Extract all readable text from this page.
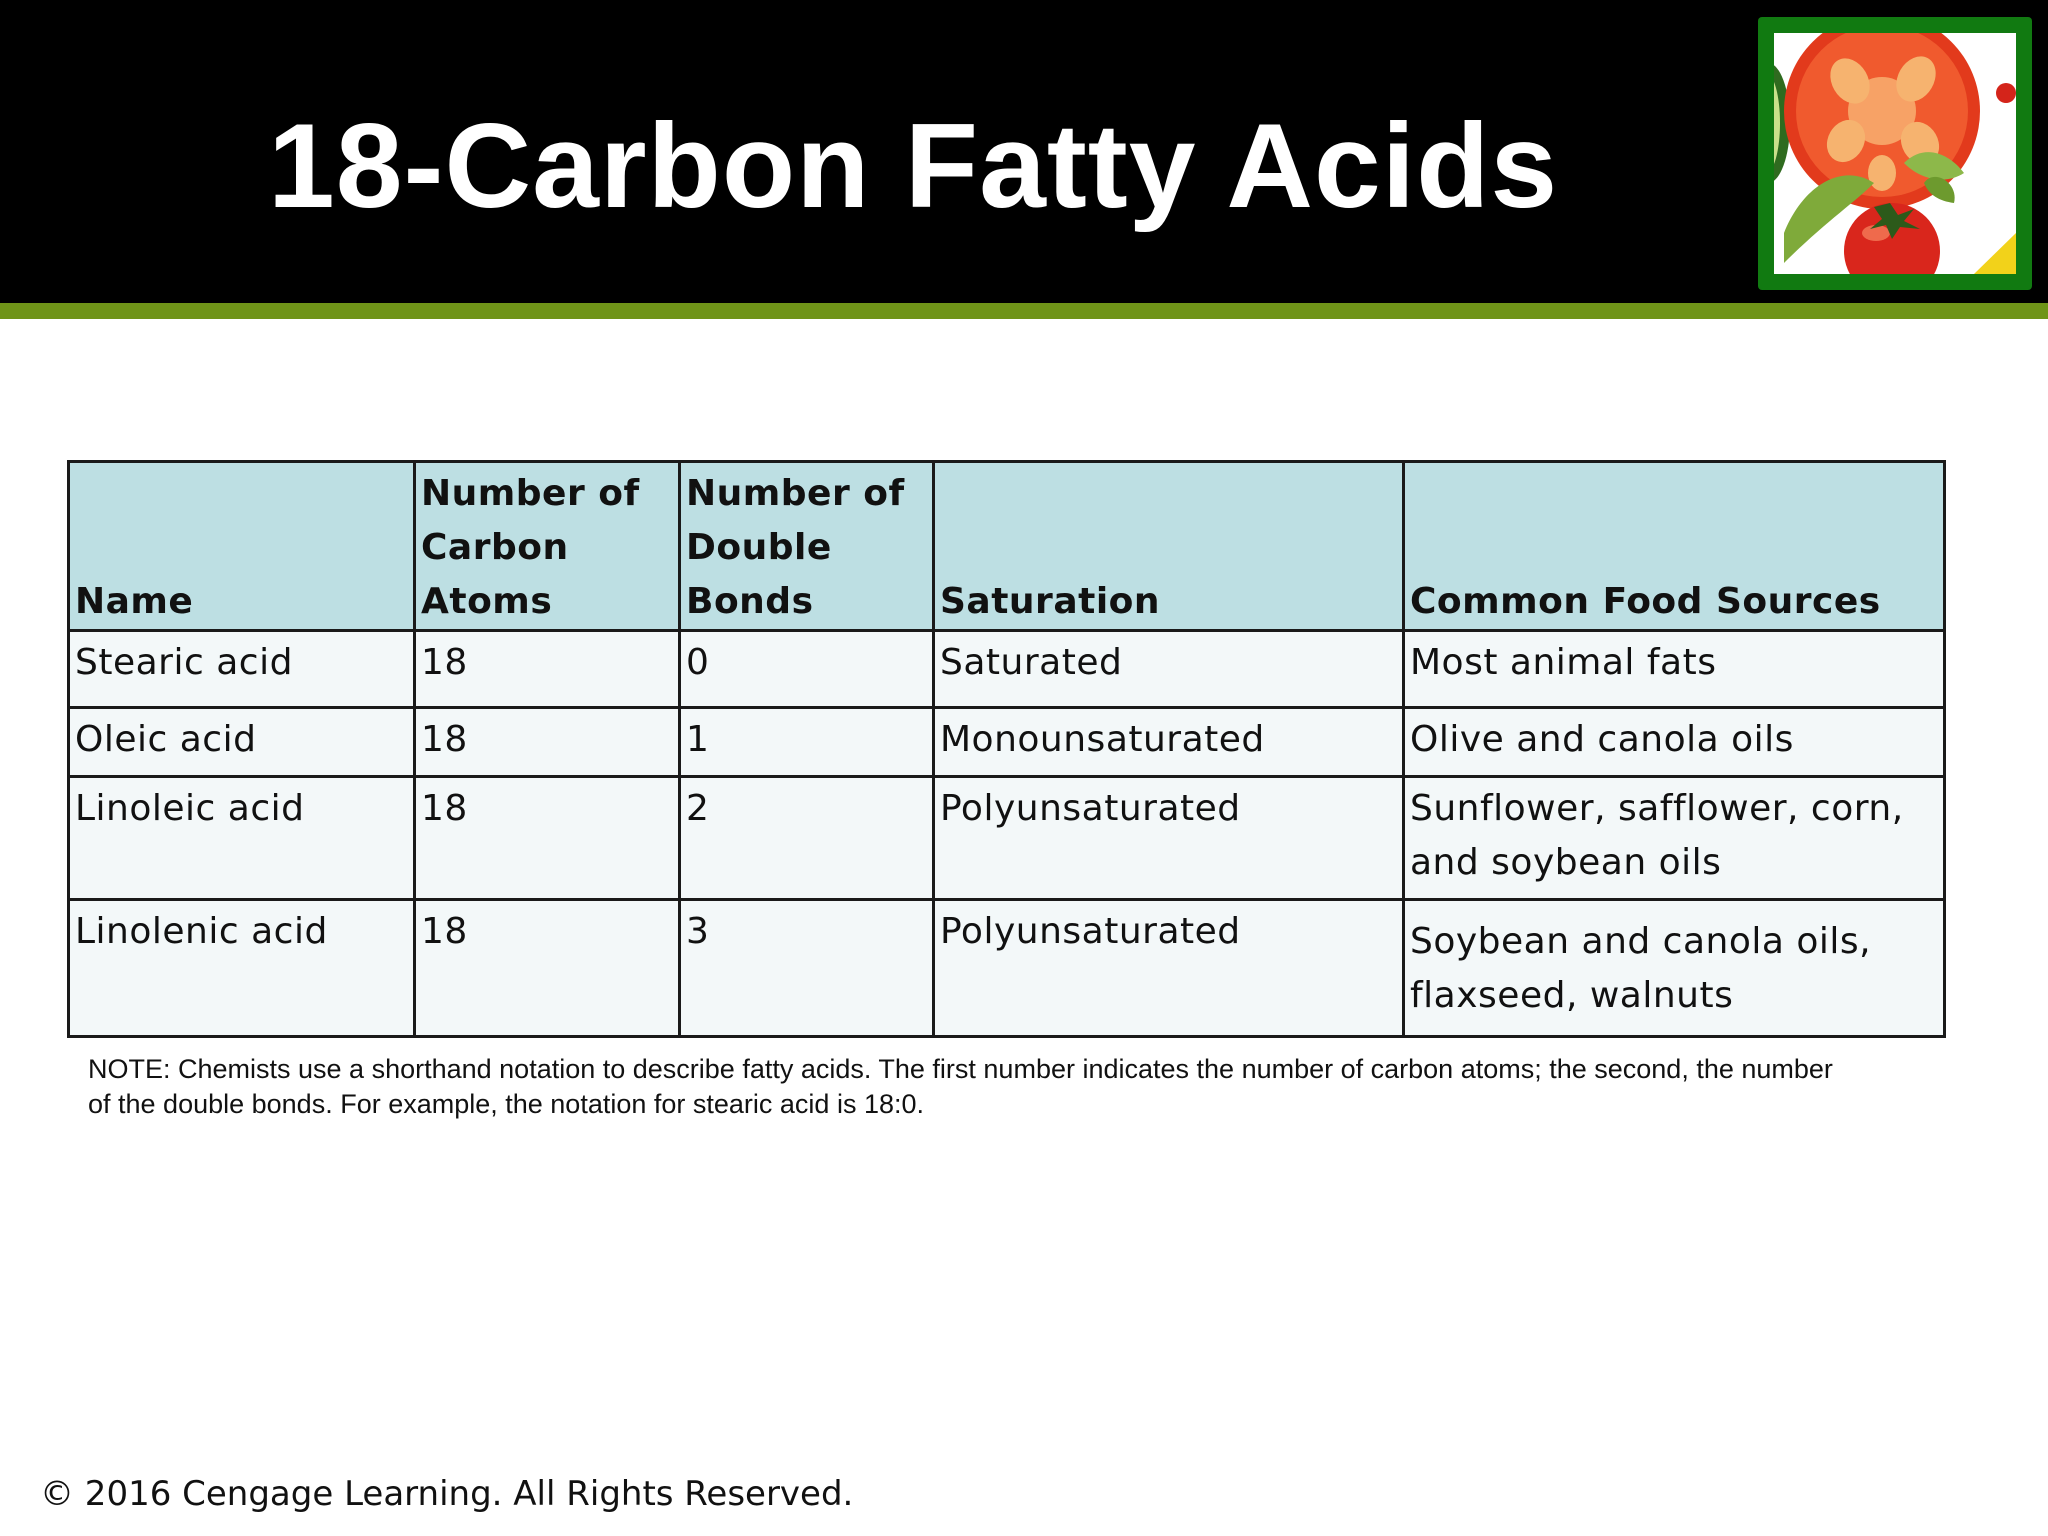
18-Carbon Fatty Acids
Name	Number of Carbon Atoms	Number of Double Bonds	Saturation	Common Food Sources
Stearic acid	18	0	Saturated	Most animal fats
Oleic acid	18	1	Monounsaturated	Olive and canola oils
Linoleic acid	18	2	Polyunsaturated	Sunflower, safflower, corn, and soybean oils
Linolenic acid	18	3	Polyunsaturated	Soybean and canola oils, flaxseed, walnuts
NOTE: Chemists use a shorthand notation to describe fatty acids. The first number indicates the number of carbon atoms; the second, the number of the double bonds. For example, the notation for stearic acid is 18:0.
© 2016 Cengage Learning. All Rights Reserved.
